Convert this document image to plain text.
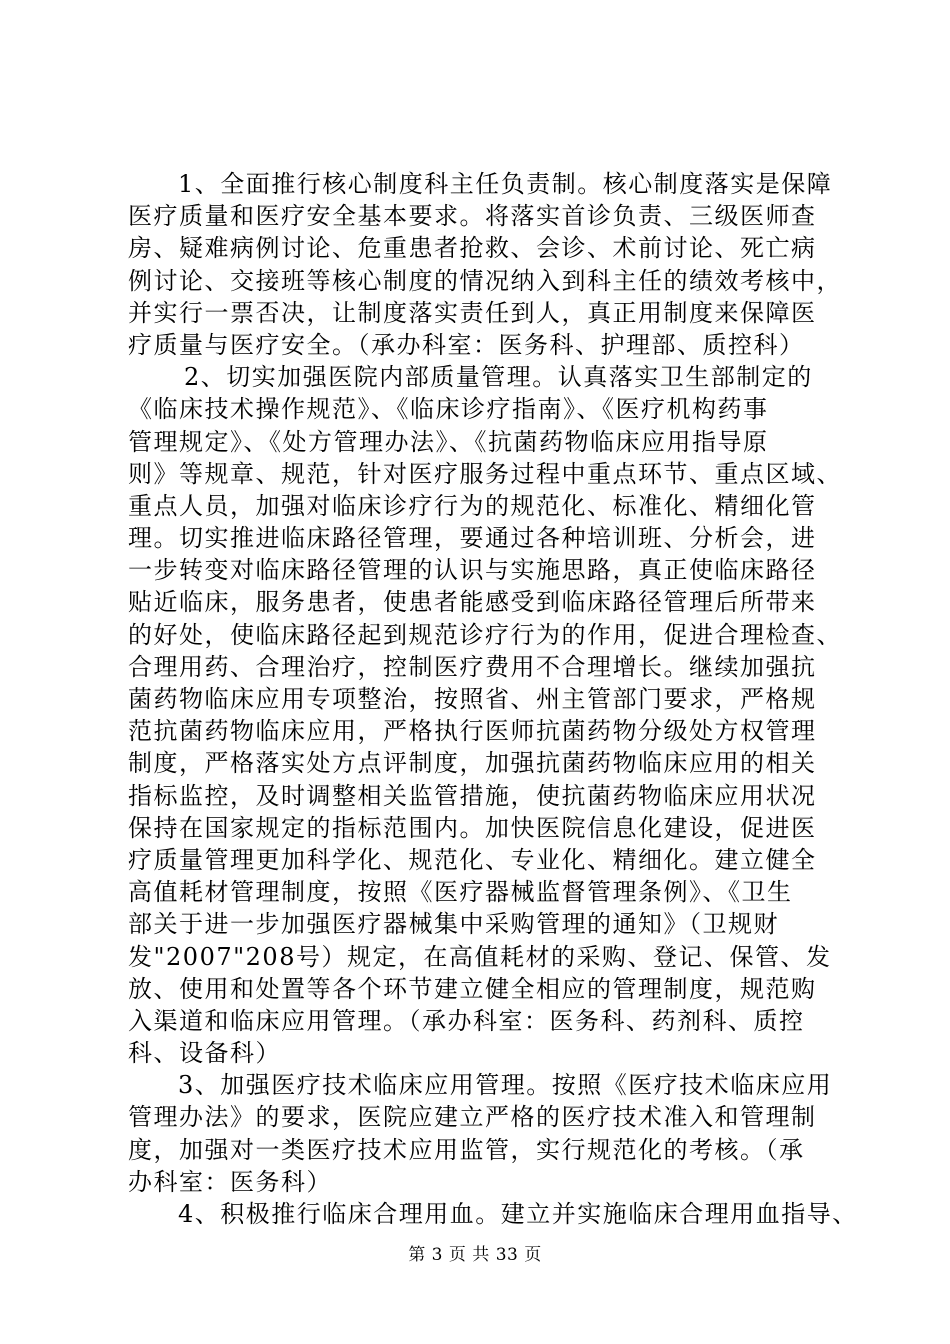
1、全面推行核心制度科主任负责制。核心制度落实是保障
医疗质量和医疗安全基本要求。将落实首诊负责、三级医师查
房、疑难病例讨论、危重患者抢救、会诊、术前讨论、死亡病
例讨论、交接班等核心制度的情况纳入到科主任的绩效考核中，
并实行一票否决，让制度落实责任到人，真正用制度来保障医
疗质量与医疗安全。（承办科室：医务科、护理部、质控科）
2、切实加强医院内部质量管理。认真落实卫生部制定的
《临床技术操作规范》、《临床诊疗指南》、《医疗机构药事
管理规定》、《处方管理办法》、《抗菌药物临床应用指导原
则》等规章、规范，针对医疗服务过程中重点环节、重点区域、
重点人员，加强对临床诊疗行为的规范化、标准化、精细化管
理。切实推进临床路径管理，要通过各种培训班、分析会，进
一步转变对临床路径管理的认识与实施思路，真正使临床路径
贴近临床，服务患者，使患者能感受到临床路径管理后所带来
的好处，使临床路径起到规范诊疗行为的作用，促进合理检查、
合理用药、合理治疗，控制医疗费用不合理增长。继续加强抗
菌药物临床应用专项整治，按照省、州主管部门要求，严格规
范抗菌药物临床应用，严格执行医师抗菌药物分级处方权管理
制度，严格落实处方点评制度，加强抗菌药物临床应用的相关
指标监控，及时调整相关监管措施，使抗菌药物临床应用状况
保持在国家规定的指标范围内。加快医院信息化建设，促进医
疗质量管理更加科学化、规范化、专业化、精细化。建立健全
高值耗材管理制度，按照《医疗器械监督管理条例》、《卫生
部关于进一步加强医疗器械集中采购管理的通知》（卫规财
发"2007"208号）规定，在高值耗材的采购、登记、保管、发
放、使用和处置等各个环节建立健全相应的管理制度，规范购
入渠道和临床应用管理。（承办科室：医务科、药剂科、质控
科、设备科）
3、加强医疗技术临床应用管理。按照《医疗技术临床应用
管理办法》的要求，医院应建立严格的医疗技术准入和管理制
度，加强对一类医疗技术应用监管，实行规范化的考核。（承
办科室：医务科）
4、积极推行临床合理用血。建立并实施临床合理用血指导、
第 3 页 共 33 页
